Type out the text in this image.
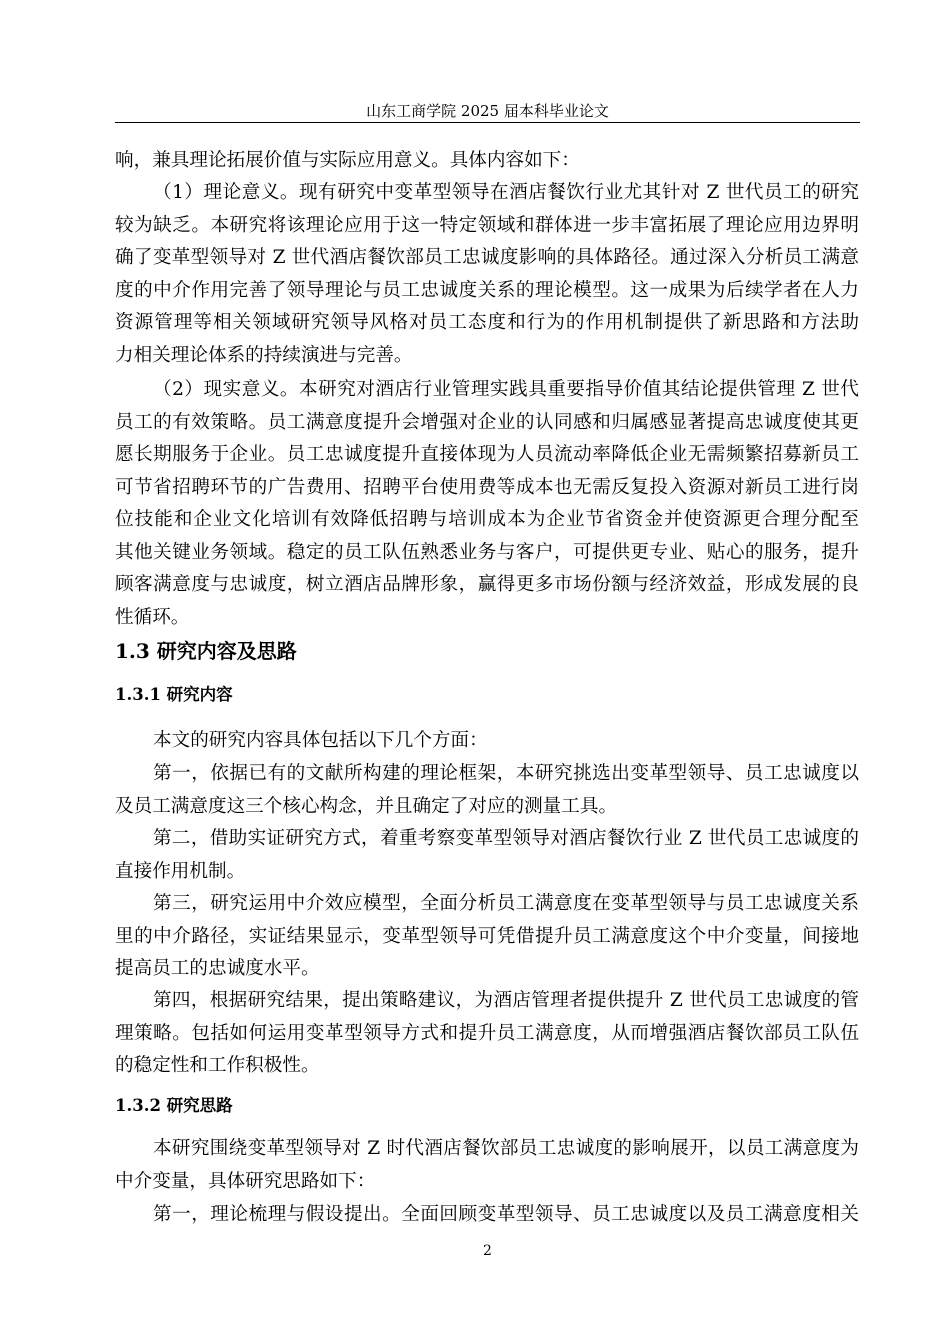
山东工商学院 2025 届本科毕业论文
响，兼具理论拓展价值与实际应用意义。具体内容如下：
（1）理论意义。现有研究中变革型领导在酒店餐饮行业尤其针对 Z 世代员工的研究
较为缺乏。本研究将该理论应用于这一特定领域和群体进一步丰富拓展了理论应用边界明
确了变革型领导对 Z 世代酒店餐饮部员工忠诚度影响的具体路径。通过深入分析员工满意
度的中介作用完善了领导理论与员工忠诚度关系的理论模型。这一成果为后续学者在人力
资源管理等相关领域研究领导风格对员工态度和行为的作用机制提供了新思路和方法助
力相关理论体系的持续演进与完善。
（2）现实意义。本研究对酒店行业管理实践具重要指导价值其结论提供管理 Z 世代
员工的有效策略。员工满意度提升会增强对企业的认同感和归属感显著提高忠诚度使其更
愿长期服务于企业。员工忠诚度提升直接体现为人员流动率降低企业无需频繁招募新员工
可节省招聘环节的广告费用、招聘平台使用费等成本也无需反复投入资源对新员工进行岗
位技能和企业文化培训有效降低招聘与培训成本为企业节省资金并使资源更合理分配至
其他关键业务领域。稳定的员工队伍熟悉业务与客户，可提供更专业、贴心的服务，提升
顾客满意度与忠诚度，树立酒店品牌形象，赢得更多市场份额与经济效益，形成发展的良
性循环。
本文的研究内容具体包括以下几个方面：
第一，依据已有的文献所构建的理论框架，本研究挑选出变革型领导、员工忠诚度以
及员工满意度这三个核心构念，并且确定了对应的测量工具。
第二，借助实证研究方式，着重考察变革型领导对酒店餐饮行业 Z 世代员工忠诚度的
直接作用机制。
第三，研究运用中介效应模型，全面分析员工满意度在变革型领导与员工忠诚度关系
里的中介路径，实证结果显示，变革型领导可凭借提升员工满意度这个中介变量，间接地
提高员工的忠诚度水平。
第四，根据研究结果，提出策略建议，为酒店管理者提供提升 Z 世代员工忠诚度的管
理策略。包括如何运用变革型领导方式和提升员工满意度，从而增强酒店餐饮部员工队伍
的稳定性和工作积极性。
本研究围绕变革型领导对 Z 时代酒店餐饮部员工忠诚度的影响展开，以员工满意度为
中介变量，具体研究思路如下：
第一，理论梳理与假设提出。全面回顾变革型领导、员工忠诚度以及员工满意度相关
1.3 研究内容及思路
1.3.1 研究内容
1.3.2 研究思路
2
